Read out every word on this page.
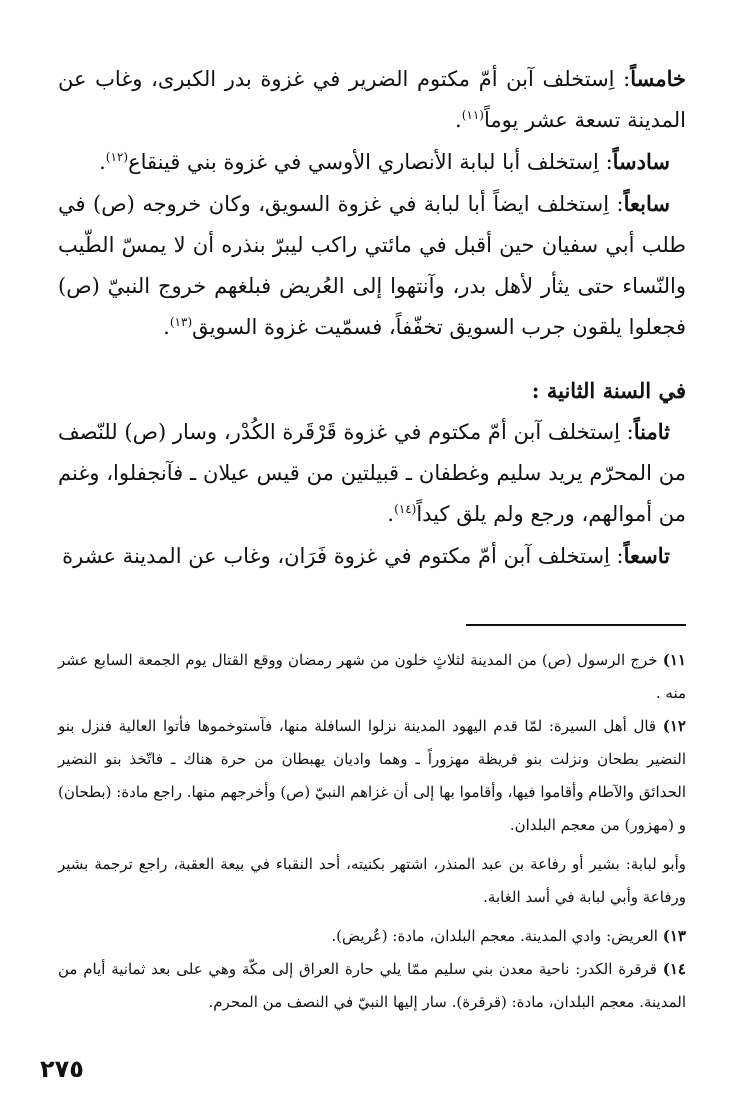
خامساً: اِستخلف آبن أمّ مكتوم الضرير في غزوة بدر الكبرى، وغاب عن المدينة تسعة عشر يوماً$^{(١١)}$.

سادساً: اِستخلف أبا لبابة الأنصاري الأوسي في غزوة بني قينقاع$^{(١٢)}$.

سابعاً: اِستخلف ايضاً أبا لبابة في غزوة السويق، وكان خروجه (ص) في طلب أبي سفيان حين أقبل في مائتي راكب ليبرّ بنذره أن لا يمسّ الطّيب والنّساء حتى يثأر لأهل بدر، وآنتهوا إلى العُريض فبلغهم خروج النبيّ (ص) فجعلوا يلقون جرب السويق تخفّفاً، فسمّيت غزوة السويق$^{(١٣)}$.

في السنة الثانية :

ثامناً: اِستخلف آبن أمّ مكتوم في غزوة قَرْقَرة الكُدْر، وسار (ص) للنّصف من المحرّم يريد سليم وغطفان ـ قبيلتين من قيس عيلان ـ فآنجفلوا، وغنم من أموالهم، ورجع ولم يلق كيداً$^{(١٤)}$.

تاسعاً: اِستخلف آبن أمّ مكتوم في غزوة فَرَان، وغاب عن المدينة عشرة

١١) خرج الرسول (ص) من المدينة لثلاثٍ خلون من شهر رمضان ووقع القتال يوم الجمعة السابع عشر منه .

١٢) قال أهل السيرة: لمّا قدم اليهود المدينة نزلوا السافلة منها، فآستوخموها فأتوا العالية فنزل بنو النضير بطحان ونزلت بنو قريظة مهزوراً ـ وهما واديان يهبطان من حرة هناك ـ فاتّخذ بنو النضير الحدائق والآطام وأقاموا فيها، وأقاموا بها إلى أن غزاهم النبيّ (ص) وأخرجهم منها. راجع مادة: (بطحان) و (مهزور) من معجم البلدان.

وأبو لبابة: بشير أو رفاعة بن عبد المنذر، اشتهر بكنيته، أحد النقباء في بيعة العقبة، راجع ترجمة بشير ورفاعة وأبي لبابة في أسد الغابة.

١٣) العريض: وادي المدينة. معجم البلدان، مادة: (عُريض).

١٤) قرقرة الكدر: ناحية معدن بني سليم ممّا يلي حارة العراق إلى مكّة وهي على بعد ثمانية أيام من المدينة. معجم البلدان، مادة: (قرقرة). سار إليها النبيّ في النصف من المحرم.

٢٧٥
